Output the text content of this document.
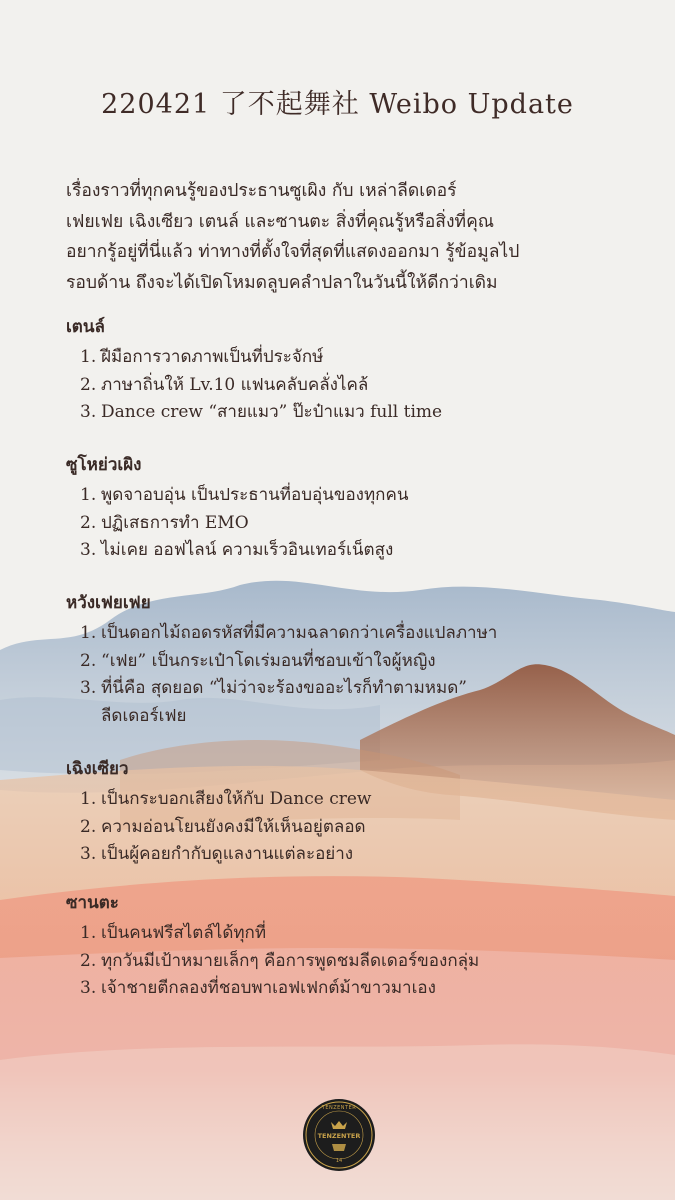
220421 了不起舞社 Weibo Update
เรื่องราวที่ทุกคนรู้ของประธานซูเผิง กับ เหล่าลีดเดอร์
เฟยเฟย เฉิงเซียว เตนล์ และซานตะ สิ่งที่คุณรู้หรือสิ่งที่คุณ
อยากรู้อยู่ที่นี่แล้ว ท่าทางที่ตั้งใจที่สุดที่แสดงออกมา รู้ข้อมูลไป
รอบด้าน ถึงจะได้เปิดโหมดลูบคลำปลาในวันนี้ให้ดีกว่าเดิม
เตนล์
1. ฝีมือการวาดภาพเป็นที่ประจักษ์
2. ภาษาถิ่นให้ Lv.10 แฟนคลับคลั่งไคล้
3. Dance crew “สายแมว” ป๊ะป๋าแมว full time
ซูโหย่วเผิง
1. พูดจาอบอุ่น เป็นประธานที่อบอุ่นของทุกคน
2. ปฏิเสธการทำ EMO
3. ไม่เคย ออฟไลน์ ความเร็วอินเทอร์เน็ตสูง
หวังเฟยเฟย
1. เป็นดอกไม้ถอดรหัสที่มีความฉลาดกว่าเครื่องแปลภาษา
2. “เฟย” เป็นกระเป๋าโดเร่มอนที่ชอบเข้าใจผู้หญิง
3. ที่นี่คือ สุดยอด “ไม่ว่าจะร้องขออะไรก็ทำตามหมด”
ลีดเดอร์เฟย
เฉิงเซียว
1. เป็นกระบอกเสียงให้กับ Dance crew
2. ความอ่อนโยนยังคงมีให้เห็นอยู่ตลอด
3. เป็นผู้คอยกำกับดูแลงานแต่ละอย่าง
ซานตะ
1. เป็นคนฟรีสไตล์ได้ทุกที่
2. ทุกวันมีเป้าหมายเล็กๆ คือการพูดชมลีดเดอร์ของกลุ่ม
3. เจ้าชายตีกลองที่ชอบพาเอฟเฟกต์ม้าขาวมาเอง
TENZENTER
TENZENTER
14
